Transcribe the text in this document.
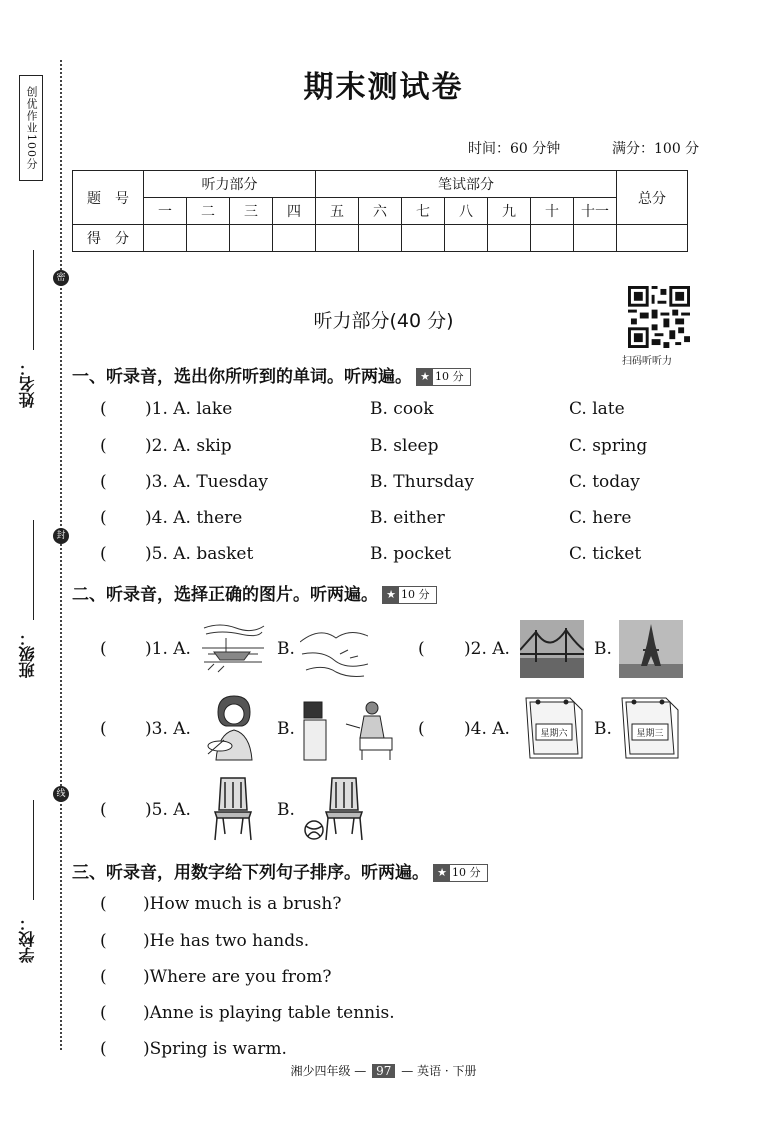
创优作业100分
密
封
线
姓名：
班级：
学校：
期末测试卷
时间：60 分钟	满分：100 分
题　号	听力部分				笔试部分							总分
	一	二	三	四	五	六	七	八	九	十	十一	
得　分												
听力部分(40 分)
扫码听听力
一、听录音，选出你所听到的单词。听两遍。 ★ 10 分
( )1. A. lake	B. cook	C. late
( )2. A. skip	B. sleep	C. spring
( )3. A. Tuesday	B. Thursday	C. today
( )4. A. there	B. either	C. here
( )5. A. basket	B. pocket	C. ticket
二、听录音，选择正确的图片。听两遍。 ★ 10 分
( )1. A.	B.	( )2. A.	B.
( )3. A.	B.	( )4. A.	星期六 B.	星期三
( )5. A.	B.
三、听录音，用数字给下列句子排序。听两遍。 ★ 10 分
( )How much is a brush?
( )He has two hands.
( )Where are you from?
( )Anne is playing table tennis.
( )Spring is warm.
湘少四年级 — 97 — 英语 · 下册
